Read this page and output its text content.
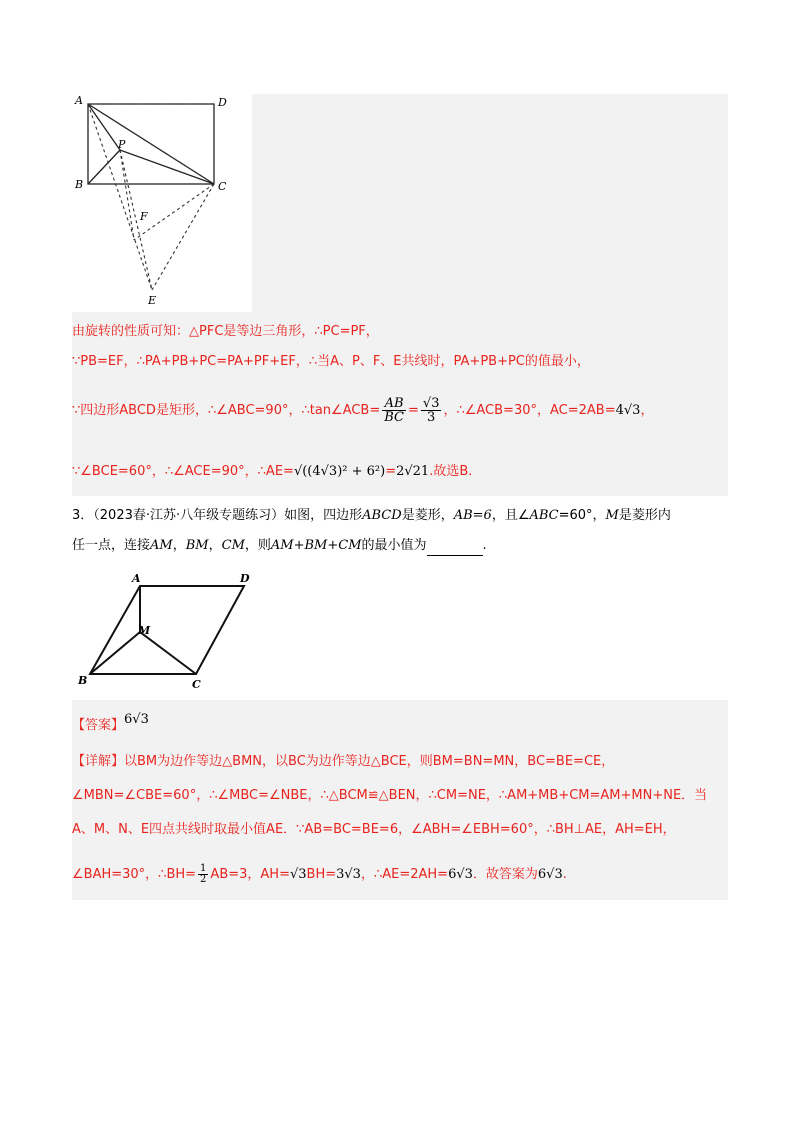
A	D
B	C
P
F
E
由旋转的性质可知：△PFC是等边三角形，∴PC=PF，
∵PB=EF，∴PA+PB+PC=PA+PF+EF，∴当A、P、F、E共线时，PA+PB+PC的值最小，
∵四边形ABCD是矩形，∴∠ABC=90°，∴tan∠ACB= $\frac{AB}{BC} = \frac{√3}{3}$ ，∴∠ACB=30°，AC=2AB=4√3，
∵∠BCE=60°，∴∠ACE=90°，∴AE=√((4√3)² + 6²)=2√21.故选B.
3．（2023春·江苏·八年级专题练习）如图，四边形ABCD是菱形，AB=6，且∠ABC=60°，M是菱形内
任一点，连接AM，BM，CM，则AM+BM+CM的最小值为	.
A	D
B	C
M
【答案】6√3
【详解】以BM为边作等边△BMN，以BC为边作等边△BCE，则BM=BN=MN，BC=BE=CE，
∠MBN=∠CBE=60°，∴∠MBC=∠NBE，∴△BCM≌△BEN，∴CM=NE，∴AM+MB+CM=AM+MN+NE．当
A、M、N、E四点共线时取最小值AE．∵AB=BC=BE=6，∠ABH=∠EBH=60°，∴BH⊥AE，AH=EH，
∠BAH=30°，∴BH= $\frac{1}{2} AB=3$，AH=√3BH=3√3，∴AE=2AH=6√3．故答案为6√3.
